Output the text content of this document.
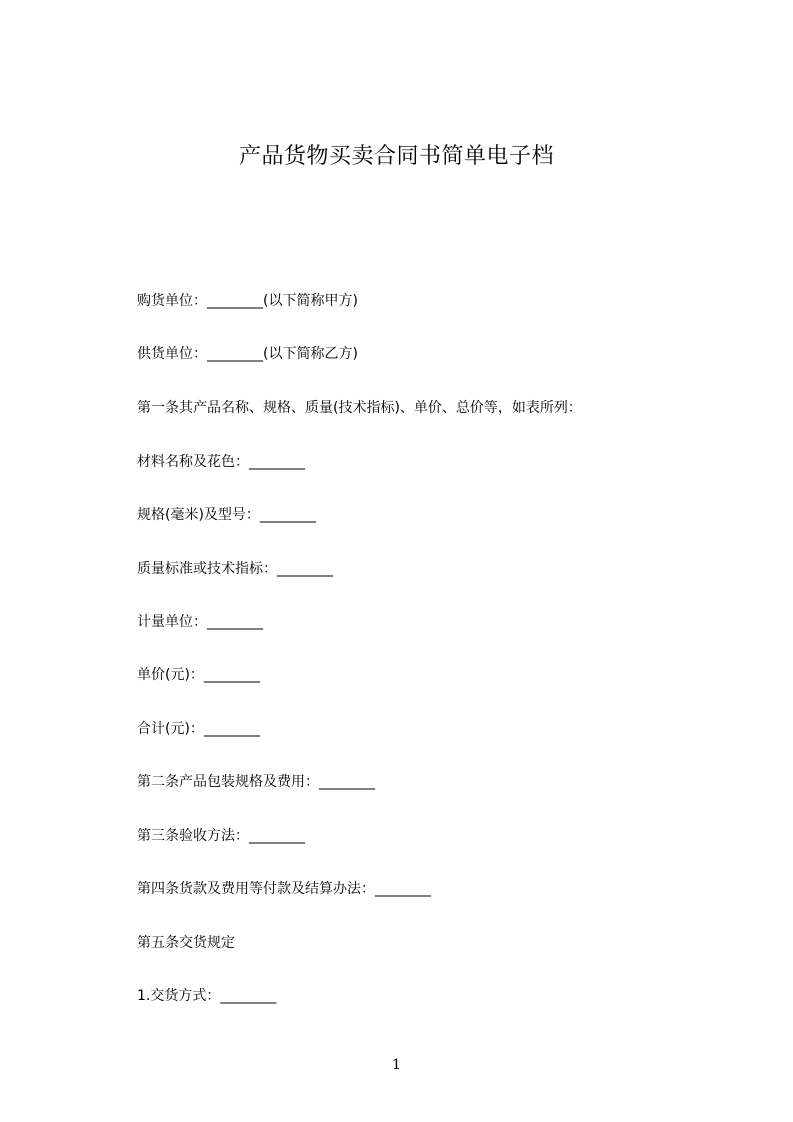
产品货物买卖合同书简单电子档
购货单位：________(以下简称甲方)
供货单位：________(以下简称乙方)
第一条其产品名称、规格、质量(技术指标)、单价、总价等，如表所列：
材料名称及花色：________
规格(毫米)及型号：________
质量标准或技术指标：________
计量单位：________
单价(元)：________
合计(元)：________
第二条产品包装规格及费用：________
第三条验收方法：________
第四条货款及费用等付款及结算办法：________
第五条交货规定
1.交货方式：________
1
